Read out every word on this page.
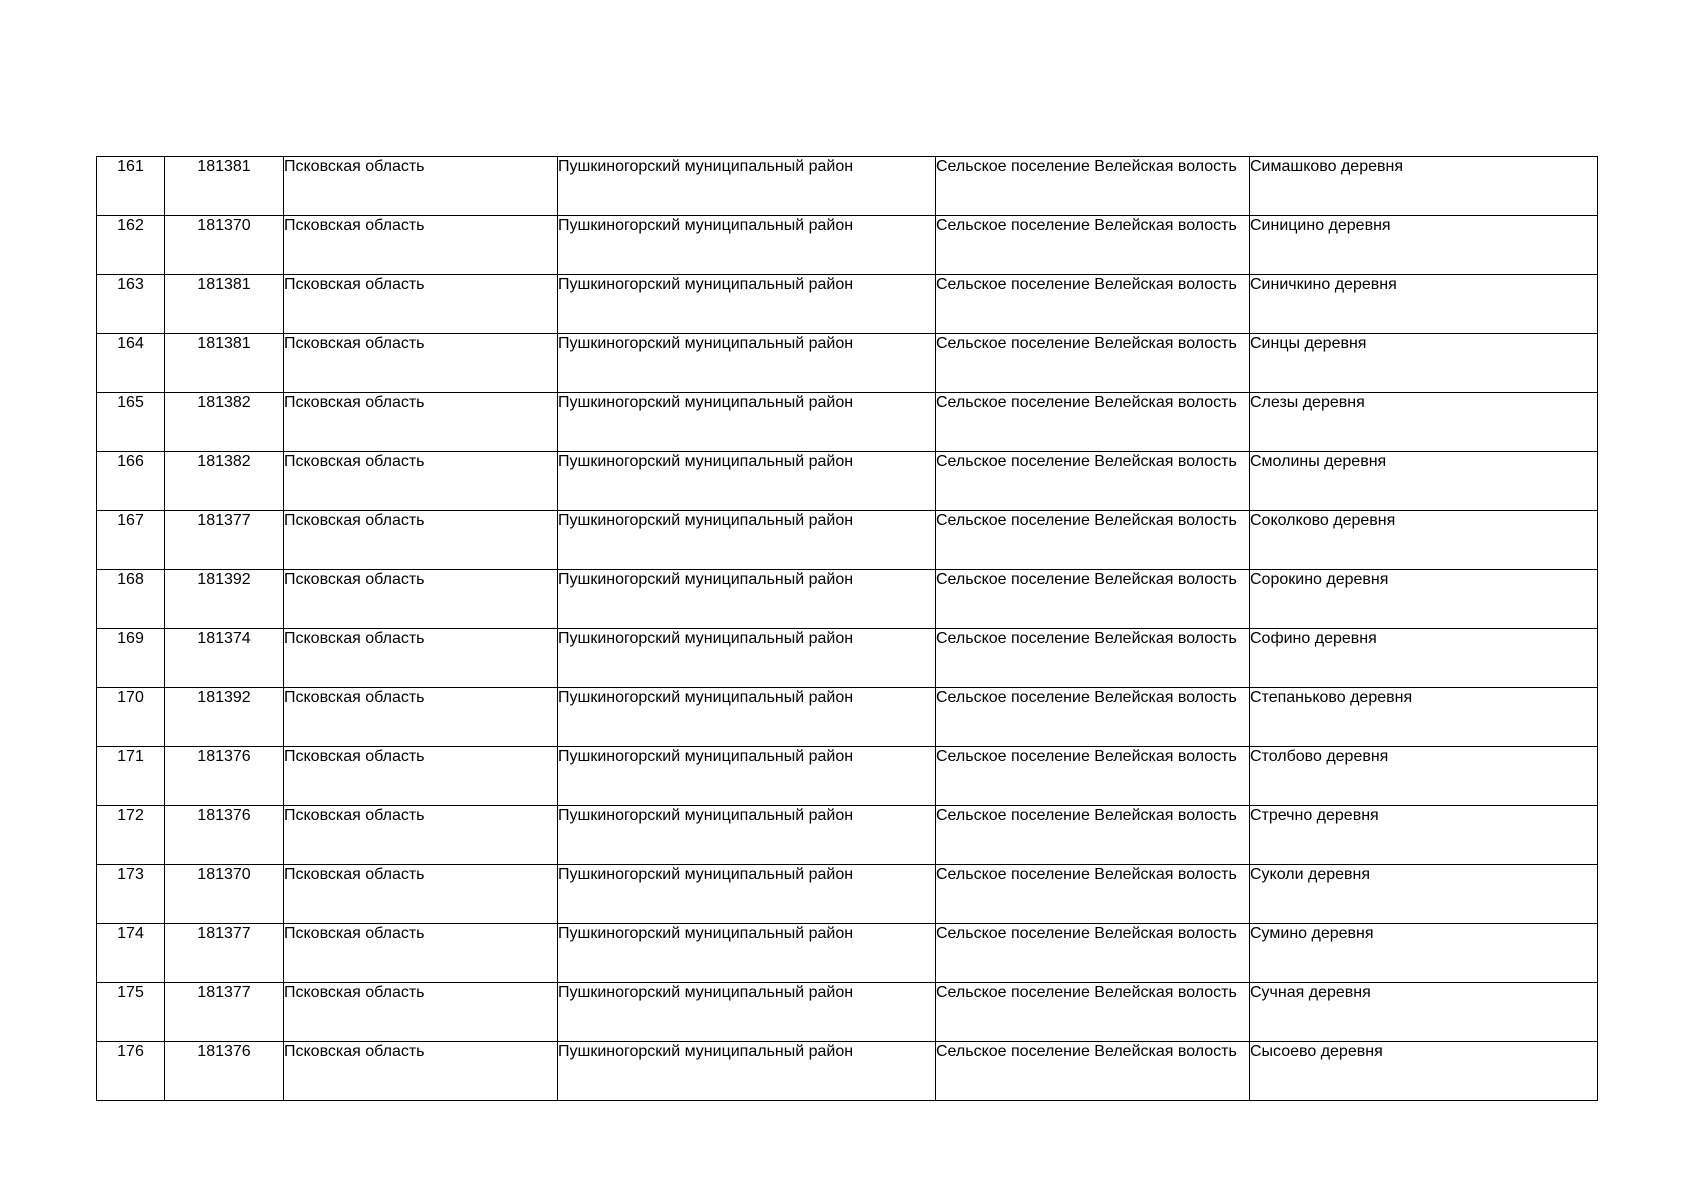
161	181381	Псковская область	Пушкиногорский муниципальный район	Сельское поселение Велейская волость	Симашково деревня
162	181370	Псковская область	Пушкиногорский муниципальный район	Сельское поселение Велейская волость	Синицино деревня
163	181381	Псковская область	Пушкиногорский муниципальный район	Сельское поселение Велейская волость	Синичкино деревня
164	181381	Псковская область	Пушкиногорский муниципальный район	Сельское поселение Велейская волость	Синцы деревня
165	181382	Псковская область	Пушкиногорский муниципальный район	Сельское поселение Велейская волость	Слезы деревня
166	181382	Псковская область	Пушкиногорский муниципальный район	Сельское поселение Велейская волость	Смолины деревня
167	181377	Псковская область	Пушкиногорский муниципальный район	Сельское поселение Велейская волость	Соколково деревня
168	181392	Псковская область	Пушкиногорский муниципальный район	Сельское поселение Велейская волость	Сорокино деревня
169	181374	Псковская область	Пушкиногорский муниципальный район	Сельское поселение Велейская волость	Софино деревня
170	181392	Псковская область	Пушкиногорский муниципальный район	Сельское поселение Велейская волость	Степаньково деревня
171	181376	Псковская область	Пушкиногорский муниципальный район	Сельское поселение Велейская волость	Столбово деревня
172	181376	Псковская область	Пушкиногорский муниципальный район	Сельское поселение Велейская волость	Стречно деревня
173	181370	Псковская область	Пушкиногорский муниципальный район	Сельское поселение Велейская волость	Суколи деревня
174	181377	Псковская область	Пушкиногорский муниципальный район	Сельское поселение Велейская волость	Сумино деревня
175	181377	Псковская область	Пушкиногорский муниципальный район	Сельское поселение Велейская волость	Сучная деревня
176	181376	Псковская область	Пушкиногорский муниципальный район	Сельское поселение Велейская волость	Сысоево деревня
